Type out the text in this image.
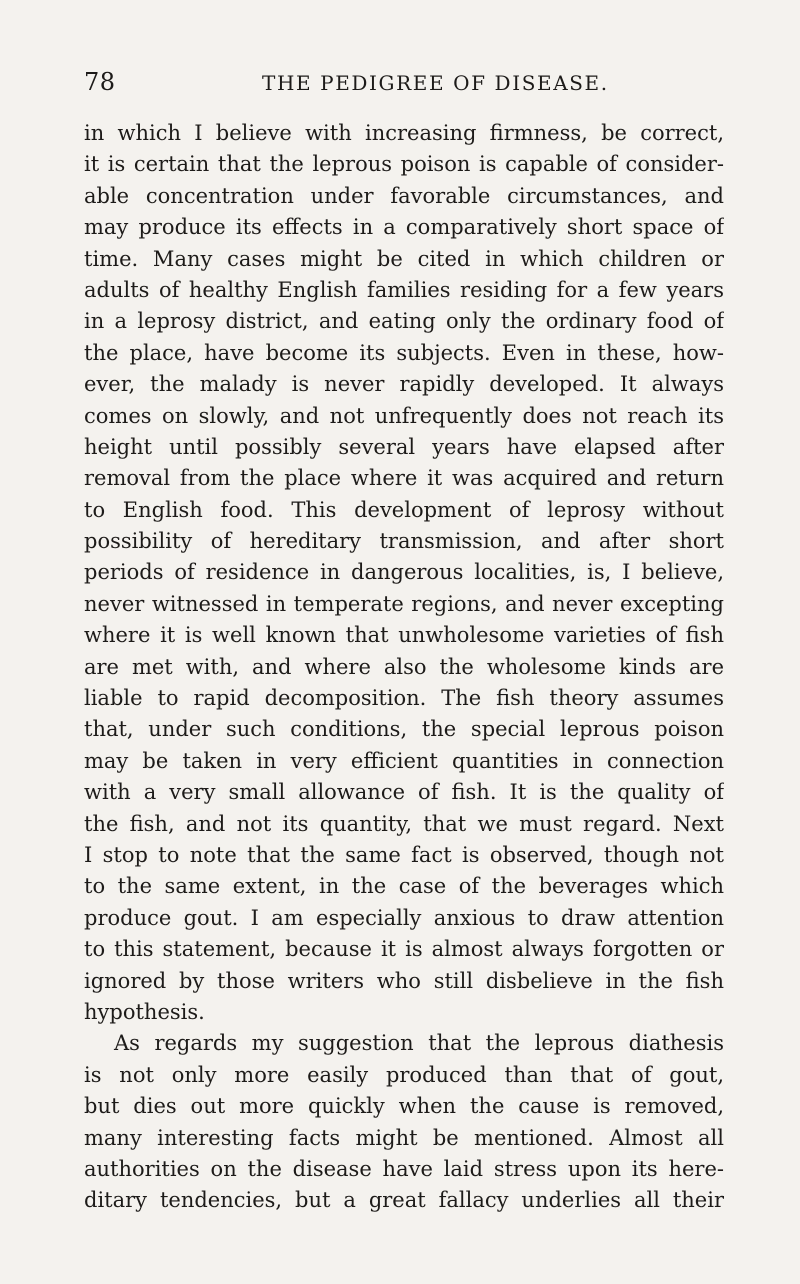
78	THE PEDIGREE OF DISEASE.
in which I believe with increasing firmness, be correct,
it is certain that the leprous poison is capable of consider-
able concentration under favorable circumstances, and
may produce its effects in a comparatively short space of
time. Many cases might be cited in which children or
adults of healthy English families residing for a few years
in a leprosy district, and eating only the ordinary food of
the place, have become its subjects. Even in these, how-
ever, the malady is never rapidly developed. It always
comes on slowly, and not unfrequently does not reach its
height until possibly several years have elapsed after
removal from the place where it was acquired and return
to English food. This development of leprosy without
possibility of hereditary transmission, and after short
periods of residence in dangerous localities, is, I believe,
never witnessed in temperate regions, and never excepting
where it is well known that unwholesome varieties of fish
are met with, and where also the wholesome kinds are
liable to rapid decomposition. The fish theory assumes
that, under such conditions, the special leprous poison
may be taken in very efficient quantities in connection
with a very small allowance of fish. It is the quality of
the fish, and not its quantity, that we must regard. Next
I stop to note that the same fact is observed, though not
to the same extent, in the case of the beverages which
produce gout. I am especially anxious to draw attention
to this statement, because it is almost always forgotten or
ignored by those writers who still disbelieve in the fish
hypothesis.
As regards my suggestion that the leprous diathesis
is not only more easily produced than that of gout,
but dies out more quickly when the cause is removed,
many interesting facts might be mentioned. Almost all
authorities on the disease have laid stress upon its here-
ditary tendencies, but a great fallacy underlies all their
